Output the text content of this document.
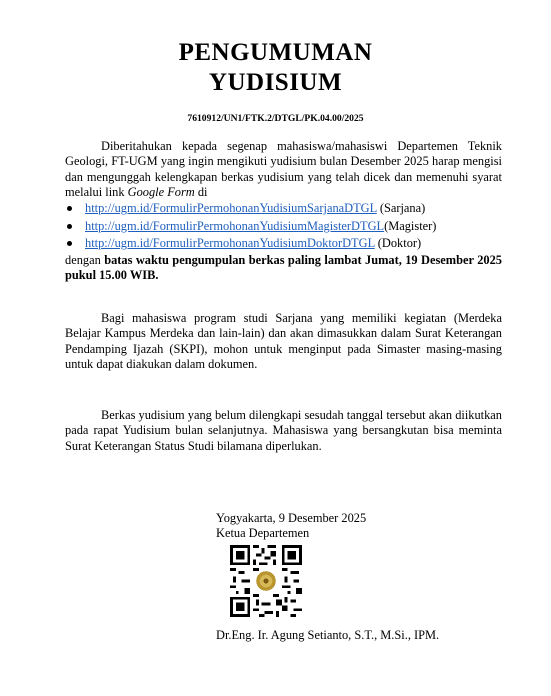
PENGUMUMAN
YUDISIUM
7610912/UN1/FTK.2/DTGL/PK.04.00/2025

Diberitahukan kepada segenap mahasiswa/mahasiswi Departemen Teknik Geologi, FT-UGM yang ingin mengikuti yudisium bulan Desember 2025 harap mengisi dan mengunggah kelengkapan berkas yudisium yang telah dicek dan memenuhi syarat melalui link Google Form di

http://ugm.id/FormulirPermohonanYudisiumSarjanaDTGL (Sarjana)
http://ugm.id/FormulirPermohonanYudisiumMagisterDTGL(Magister)
http://ugm.id/FormulirPermohonanYudisiumDoktorDTGL (Doktor)

dengan batas waktu pengumpulan berkas paling lambat Jumat, 19 Desember 2025 pukul 15.00 WIB.

Bagi mahasiswa program studi Sarjana yang memiliki kegiatan (Merdeka Belajar Kampus Merdeka dan lain-lain) dan akan dimasukkan dalam Surat Keterangan Pendamping Ijazah (SKPI), mohon untuk menginput pada Simaster masing-masing untuk dapat diakukan dalam dokumen.

Berkas yudisium yang belum dilengkapi sesudah tanggal tersebut akan diikutkan pada rapat Yudisium bulan selanjutnya. Mahasiswa yang bersangkutan bisa meminta Surat Keterangan Status Studi bilamana diperlukan.

Yogyakarta, 9 Desember 2025
Ketua Departemen
Dr.Eng. Ir. Agung Setianto, S.T., M.Si., IPM.
